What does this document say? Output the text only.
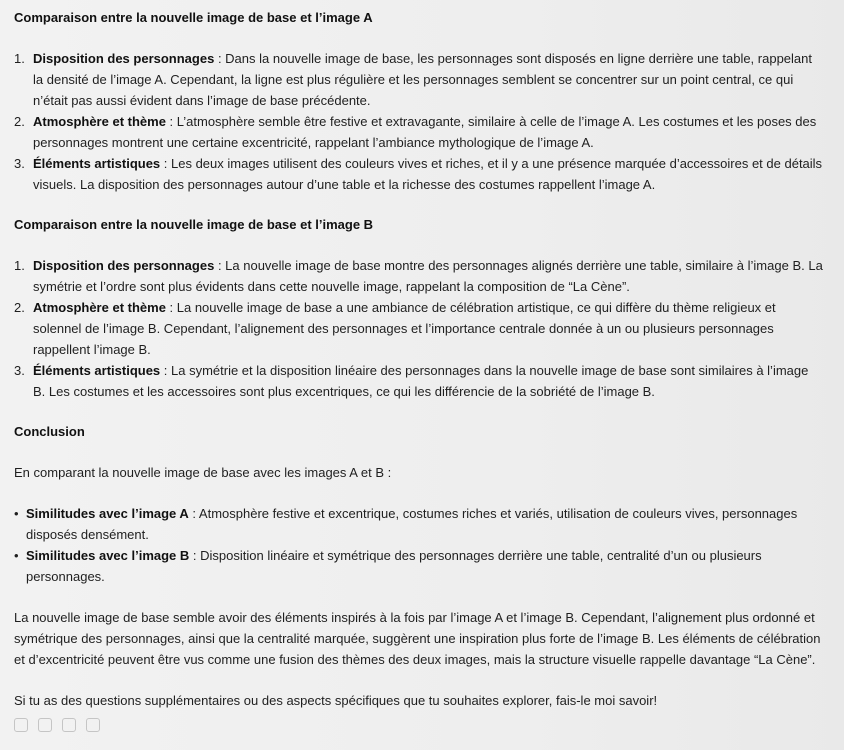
Comparaison entre la nouvelle image de base et l’image A
1. Disposition des personnages : Dans la nouvelle image de base, les personnages sont disposés en ligne derrière une table, rappelant la densité de l’image A. Cependant, la ligne est plus régulière et les personnages semblent se concentrer sur un point central, ce qui n’était pas aussi évident dans l’image de base précédente.
2. Atmosphère et thème : L’atmosphère semble être festive et extravagante, similaire à celle de l’image A. Les costumes et les poses des personnages montrent une certaine excentricité, rappelant l’ambiance mythologique de l’image A.
3. Éléments artistiques : Les deux images utilisent des couleurs vives et riches, et il y a une présence marquée d’accessoires et de détails visuels. La disposition des personnages autour d’une table et la richesse des costumes rappellent l’image A.
Comparaison entre la nouvelle image de base et l’image B
1. Disposition des personnages : La nouvelle image de base montre des personnages alignés derrière une table, similaire à l’image B. La symétrie et l’ordre sont plus évidents dans cette nouvelle image, rappelant la composition de “La Cène”.
2. Atmosphère et thème : La nouvelle image de base a une ambiance de célébration artistique, ce qui diffère du thème religieux et solennel de l’image B. Cependant, l’alignement des personnages et l’importance centrale donnée à un ou plusieurs personnages rappellent l’image B.
3. Éléments artistiques : La symétrie et la disposition linéaire des personnages dans la nouvelle image de base sont similaires à l’image B. Les costumes et les accessoires sont plus excentriques, ce qui les différencie de la sobriété de l’image B.
Conclusion

En comparant la nouvelle image de base avec les images A et B :

• Similitudes avec l’image A : Atmosphère festive et excentrique, costumes riches et variés, utilisation de couleurs vives, personnages disposés densément.
• Similitudes avec l’image B : Disposition linéaire et symétrique des personnages derrière une table, centralité d’un ou plusieurs personnages.

La nouvelle image de base semble avoir des éléments inspirés à la fois par l’image A et l’image B. Cependant, l’alignement plus ordonné et symétrique des personnages, ainsi que la centralité marquée, suggèrent une inspiration plus forte de l’image B. Les éléments de célébration et d’excentricité peuvent être vus comme une fusion des thèmes des deux images, mais la structure visuelle rappelle davantage “La Cène”.

Si tu as des questions supplémentaires ou des aspects spécifiques que tu souhaites explorer, fais-le moi savoir!
